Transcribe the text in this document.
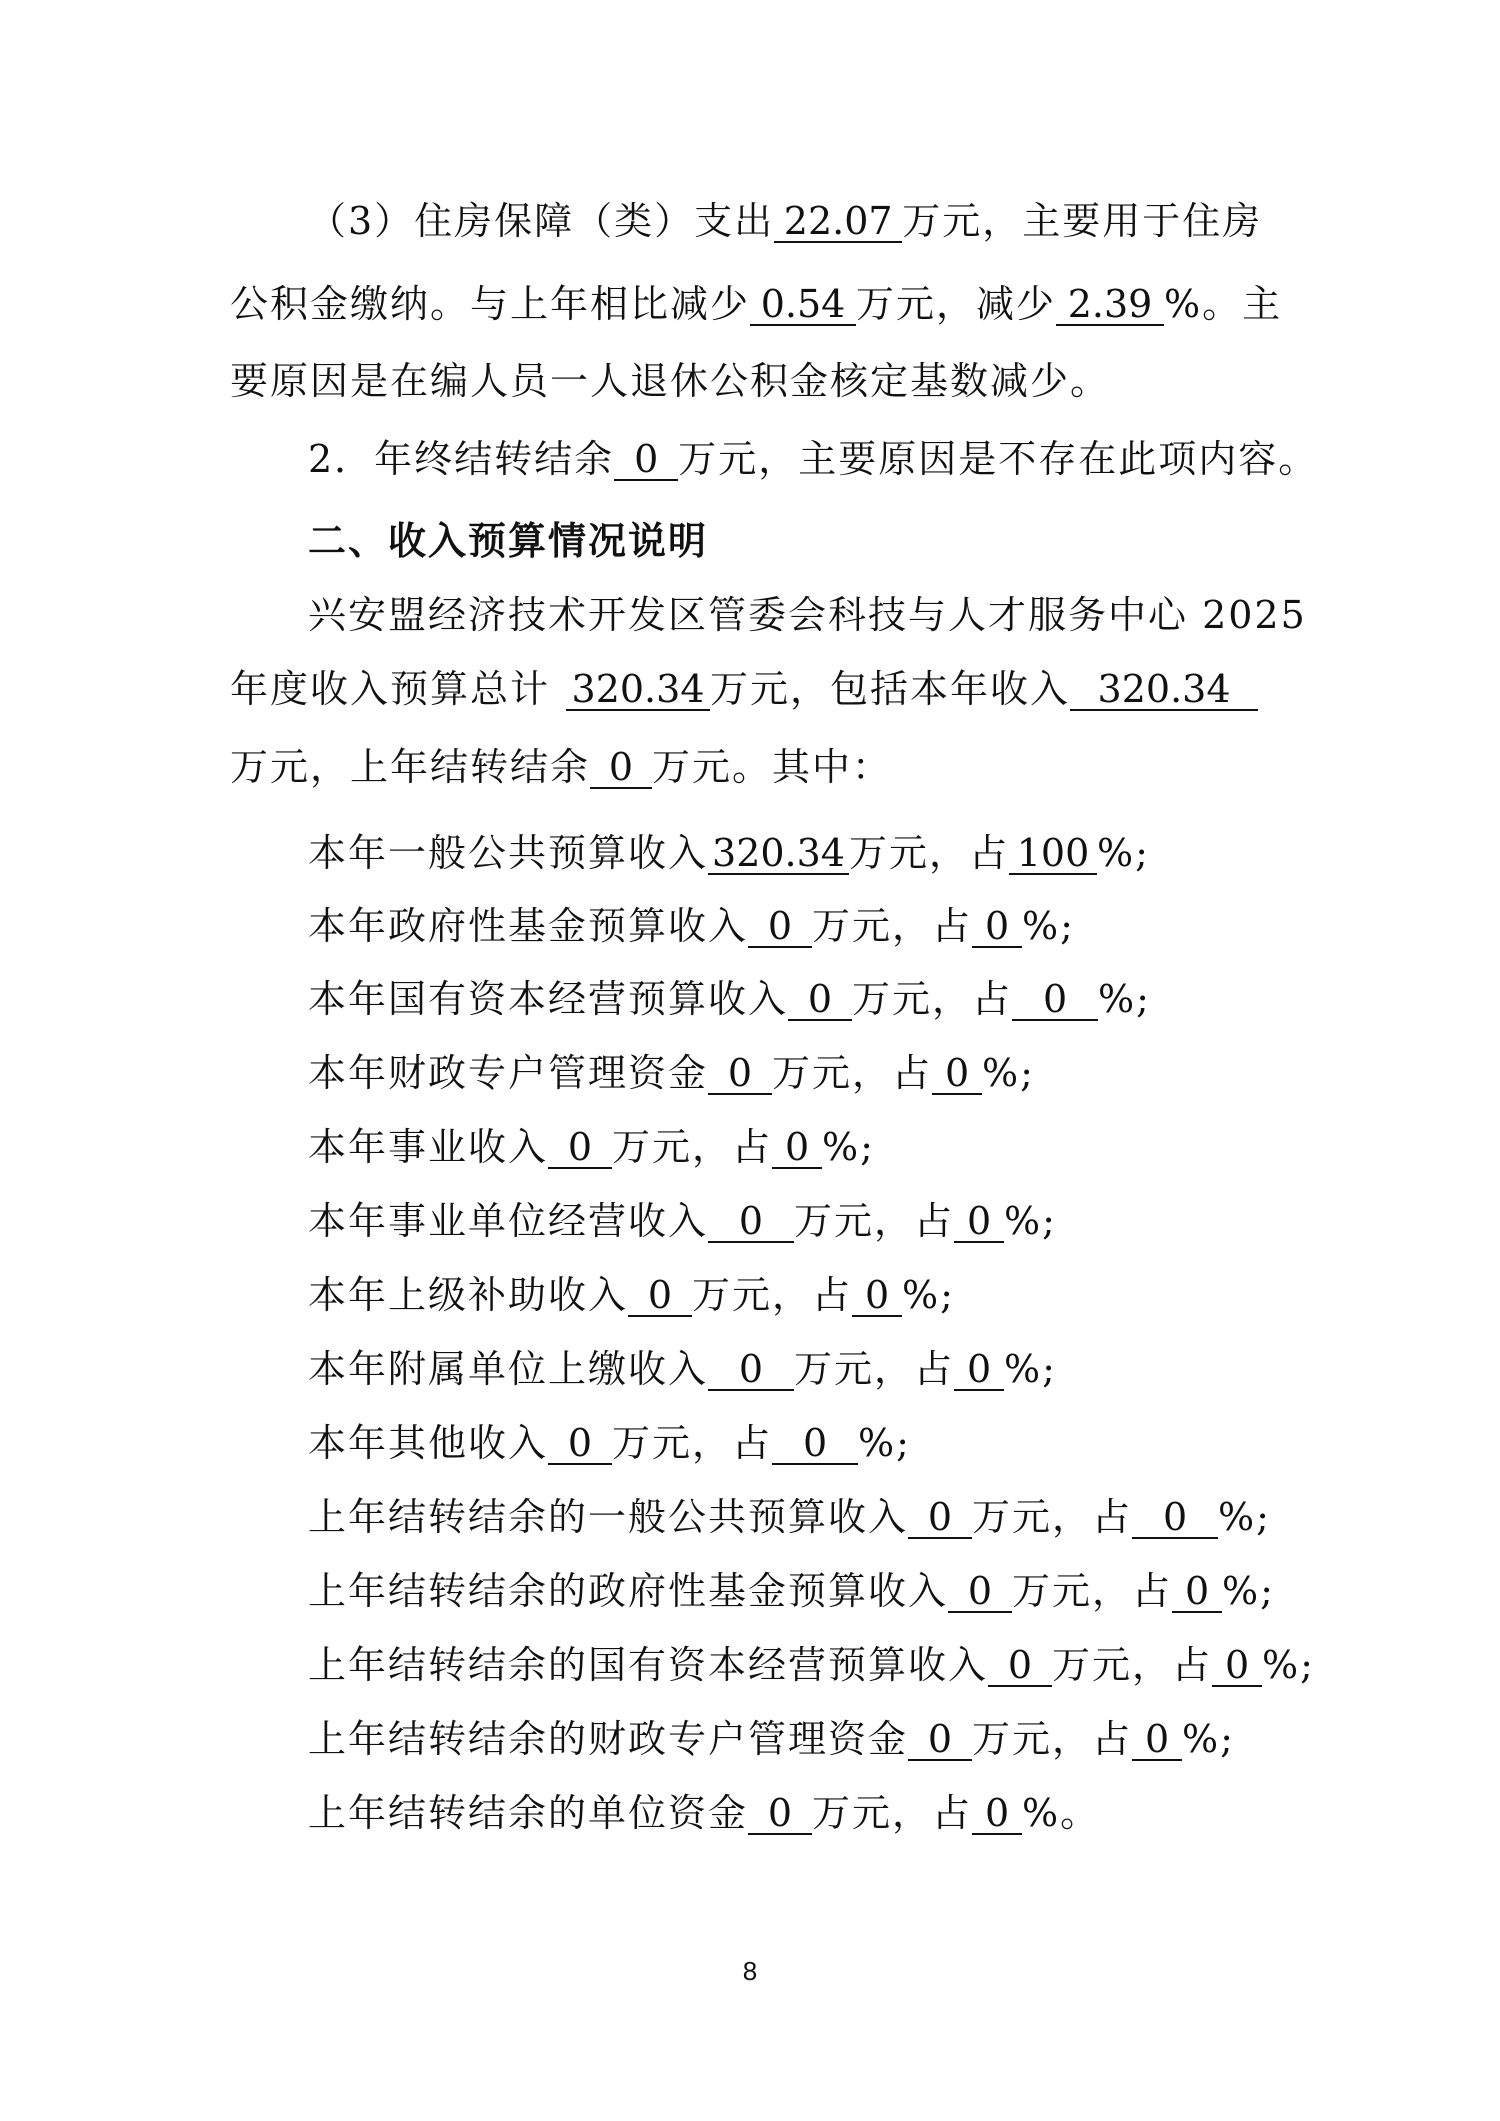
（3）住房保障（类）支出 22.07 万元，主要用于住房
公积金缴纳。与上年相比减少 0.54 万元，减少 2.39 %。主
要原因是在编人员一人退休公积金核定基数减少。
2．年终结转结余 0 万元，主要原因是不存在此项内容。
二、收入预算情况说明
兴安盟经济技术开发区管委会科技与人才服务中心 2025
年度收入预算总计 320.34 万元，包括本年收入 320.34
万元，上年结转结余 0 万元。其中：
本年一般公共预算收入 320.34 万元，占 100 %;
本年政府性基金预算收入 0 万元，占 0 %;
本年国有资本经营预算收入 0 万元，占 0 %;
本年财政专户管理资金 0 万元，占 0 %;
本年事业收入 0 万元，占 0 %;
本年事业单位经营收入 0 万元，占 0 %;
本年上级补助收入 0 万元，占 0 %;
本年附属单位上缴收入 0 万元，占 0 %;
本年其他收入 0 万元，占 0 %;
上年结转结余的一般公共预算收入 0 万元，占 0 %;
上年结转结余的政府性基金预算收入 0 万元，占 0 %;
上年结转结余的国有资本经营预算收入 0 万元，占 0 %;
上年结转结余的财政专户管理资金 0 万元，占 0 %;
上年结转结余的单位资金 0 万元，占 0 %。
8
